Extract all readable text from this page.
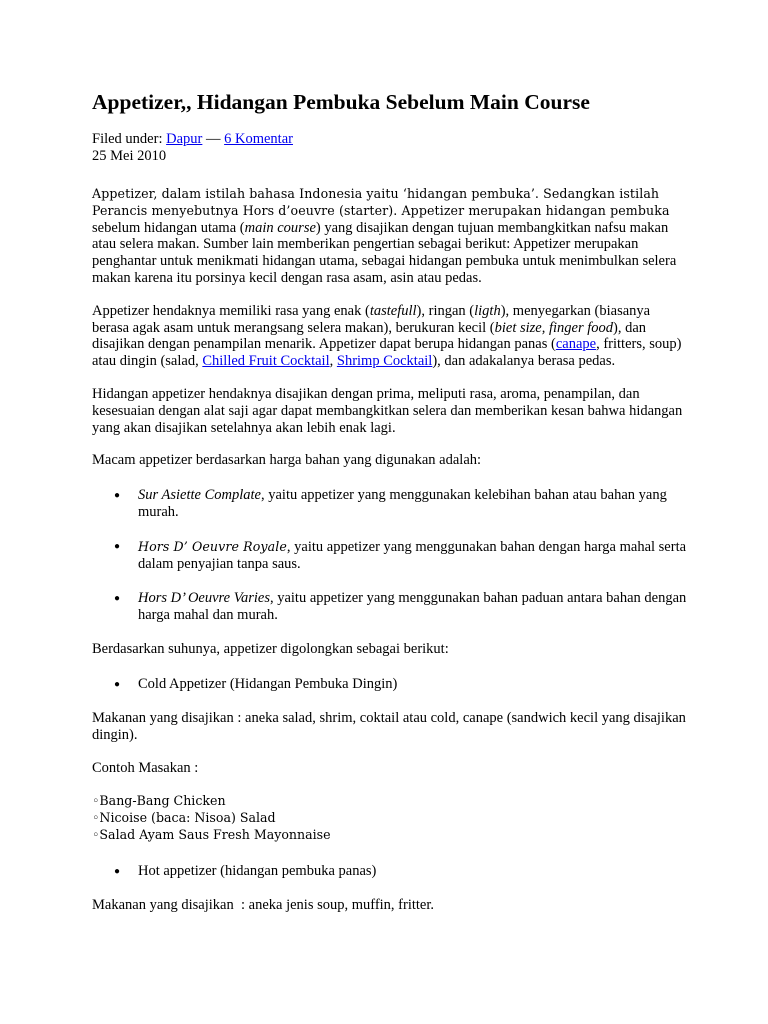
Appetizer,, Hidangan Pembuka Sebelum Main Course
Filed under: Dapur — 6 Komentar
25 Mei 2010

Appetizer, dalam istilah bahasa Indonesia yaitu ‘hidangan pembuka’. Sedangkan istilah
Perancis menyebutnya Hors d’oeuvre (starter). Appetizer merupakan hidangan pembuka
sebelum hidangan utama (main course) yang disajikan dengan tujuan membangkitkan nafsu makan atau selera makan. Sumber lain memberikan pengertian sebagai berikut: Appetizer merupakan penghantar untuk menikmati hidangan utama, sebagai hidangan pembuka untuk menimbulkan selera makan karena itu porsinya kecil dengan rasa asam, asin atau pedas.

Appetizer hendaknya memiliki rasa yang enak (tastefull), ringan (ligth), menyegarkan (biasanya berasa agak asam untuk merangsang selera makan), berukuran kecil (biet size, finger food), dan disajikan dengan penampilan menarik. Appetizer dapat berupa hidangan panas (canape, fritters, soup) atau dingin (salad, Chilled Fruit Cocktail, Shrimp Cocktail), dan adakalanya berasa pedas.

Hidangan appetizer hendaknya disajikan dengan prima, meliputi rasa, aroma, penampilan, dan kesesuaian dengan alat saji agar dapat membangkitkan selera dan memberikan kesan bahwa hidangan yang akan disajikan setelahnya akan lebih enak lagi.

Macam appetizer berdasarkan harga bahan yang digunakan adalah:

● Sur Asiette Complate, yaitu appetizer yang menggunakan kelebihan bahan atau bahan yang murah.
● Hors D’ Oeuvre Royale, yaitu appetizer yang menggunakan bahan dengan harga mahal serta dalam penyajian tanpa saus.
● Hors D’ Oeuvre Varies, yaitu appetizer yang menggunakan bahan paduan antara bahan dengan harga mahal dan murah.

Berdasarkan suhunya, appetizer digolongkan sebagai berikut:

● Cold Appetizer (Hidangan Pembuka Dingin)

Makanan yang disajikan : aneka salad, shrim, coktail atau cold, canape (sandwich kecil yang disajikan dingin).

Contoh Masakan :

◦Bang-Bang Chicken
◦Nicoise (baca: Nisoa) Salad
◦Salad Ayam Saus Fresh Mayonnaise
● Hot appetizer (hidangan pembuka panas)

Makanan yang disajikan  : aneka jenis soup, muffin, fritter.
